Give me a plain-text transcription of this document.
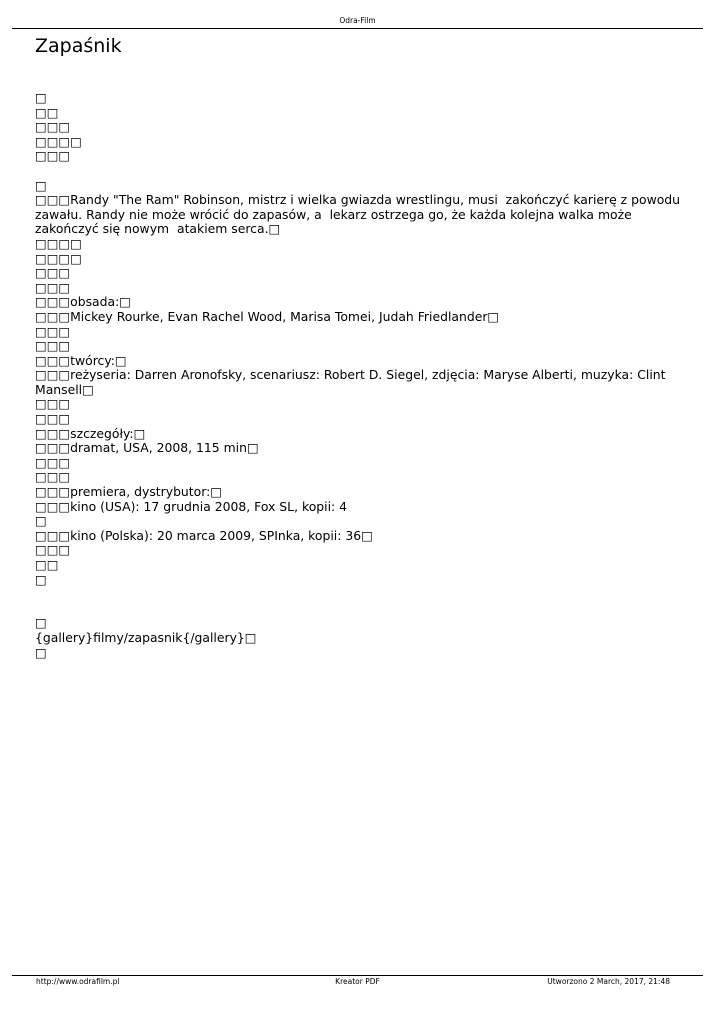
Odra-Film
Zapaśnik
□
□□
□□□
□□□□
□□□
□
□□□Randy "The Ram" Robinson, mistrz i wielka gwiazda wrestlingu, musi  zakończyć karierę z powodu zawału. Randy nie może wrócić do zapasów, a  lekarz ostrzega go, że każda kolejna walka może zakończyć się nowym  atakiem serca.□
□□□□
□□□□
□□□
□□□
□□□obsada:□
□□□Mickey Rourke, Evan Rachel Wood, Marisa Tomei, Judah Friedlander□
□□□
□□□
□□□twórcy:□
□□□reżyseria: Darren Aronofsky, scenariusz: Robert D. Siegel, zdjęcia: Maryse Alberti, muzyka: Clint Mansell□
□□□
□□□
□□□szczegóły:□
□□□dramat, USA, 2008, 115 min□
□□□
□□□
□□□premiera, dystrybutor:□
□□□kino (USA): 17 grudnia 2008, Fox SL, kopii: 4
□
□□□kino (Polska): 20 marca 2009, SPInka, kopii: 36□
□□□
□□
□
□
{gallery}filmy/zapasnik{/gallery}□
□
Kreator PDF
http://www.odrafilm.pl	Utworzono 2 March, 2017, 21:48
